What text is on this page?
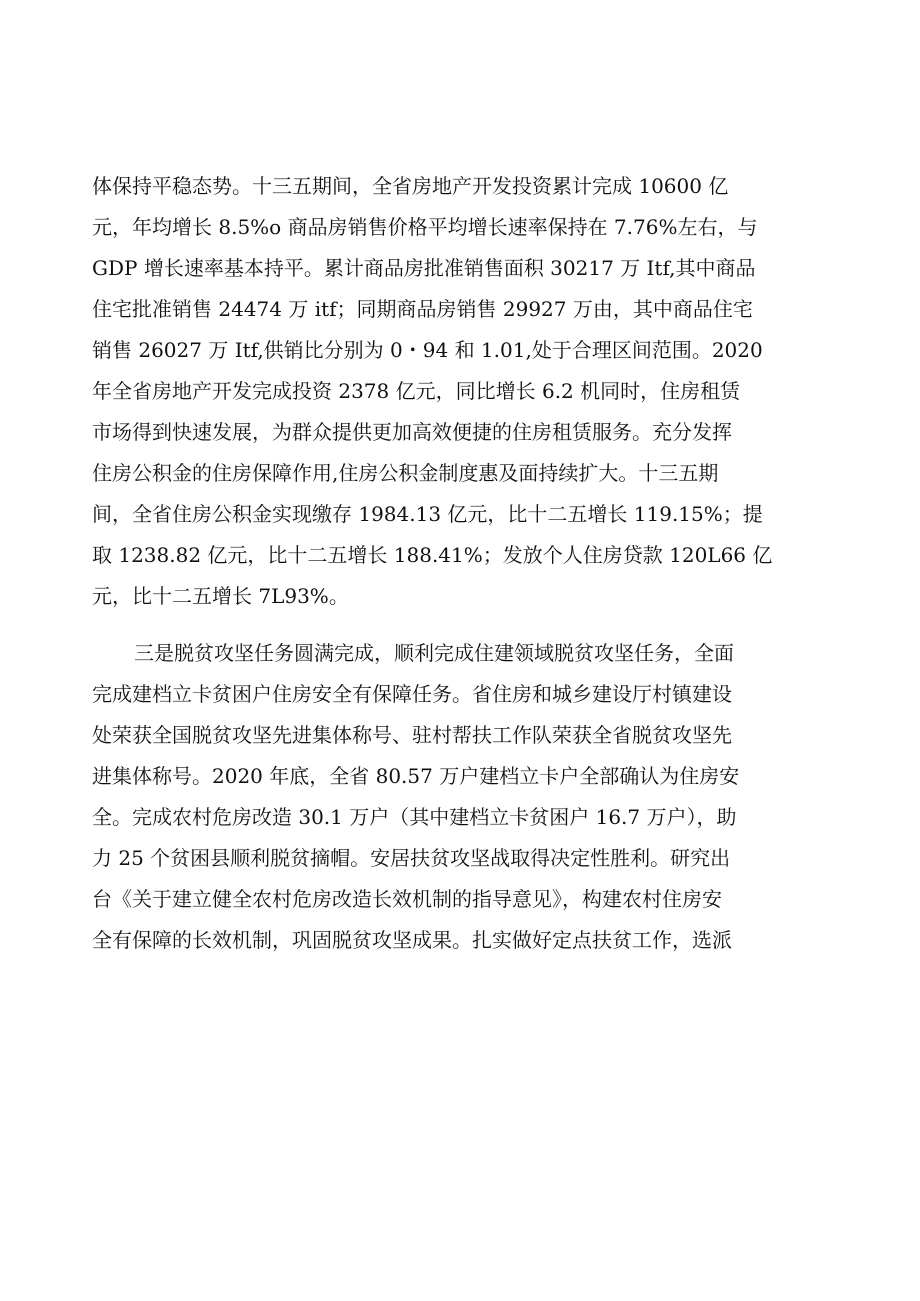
体保持平稳态势。十三五期间，全省房地产开发投资累计完成 10600 亿
元，年均增长 8.5%o 商品房销售价格平均增长速率保持在 7.76%左右，与
GDP 增长速率基本持平。累计商品房批准销售面积 30217 万 Itf,其中商品
住宅批准销售 24474 万 itf；同期商品房销售 29927 万由，其中商品住宅
销售 26027 万 Itf,供销比分别为 0・94 和 1.01,处于合理区间范围。2020
年全省房地产开发完成投资 2378 亿元，同比增长 6.2 机同时，住房租赁
市场得到快速发展，为群众提供更加高效便捷的住房租赁服务。充分发挥
住房公积金的住房保障作用,住房公积金制度惠及面持续扩大。十三五期
间，全省住房公积金实现缴存 1984.13 亿元，比十二五增长 119.15%；提
取 1238.82 亿元，比十二五增长 188.41%；发放个人住房贷款 120L66 亿
元，比十二五增长 7L93%。
三是脱贫攻坚任务圆满完成，顺利完成住建领域脱贫攻坚任务，全面
完成建档立卡贫困户住房安全有保障任务。省住房和城乡建设厅村镇建设
处荣获全国脱贫攻坚先进集体称号、驻村帮扶工作队荣获全省脱贫攻坚先
进集体称号。2020 年底，全省 80.57 万户建档立卡户全部确认为住房安
全。完成农村危房改造 30.1 万户（其中建档立卡贫困户 16.7 万户），助
力 25 个贫困县顺利脱贫摘帽。安居扶贫攻坚战取得决定性胜利。研究出
台《关于建立健全农村危房改造长效机制的指导意见》，构建农村住房安
全有保障的长效机制，巩固脱贫攻坚成果。扎实做好定点扶贫工作，选派
